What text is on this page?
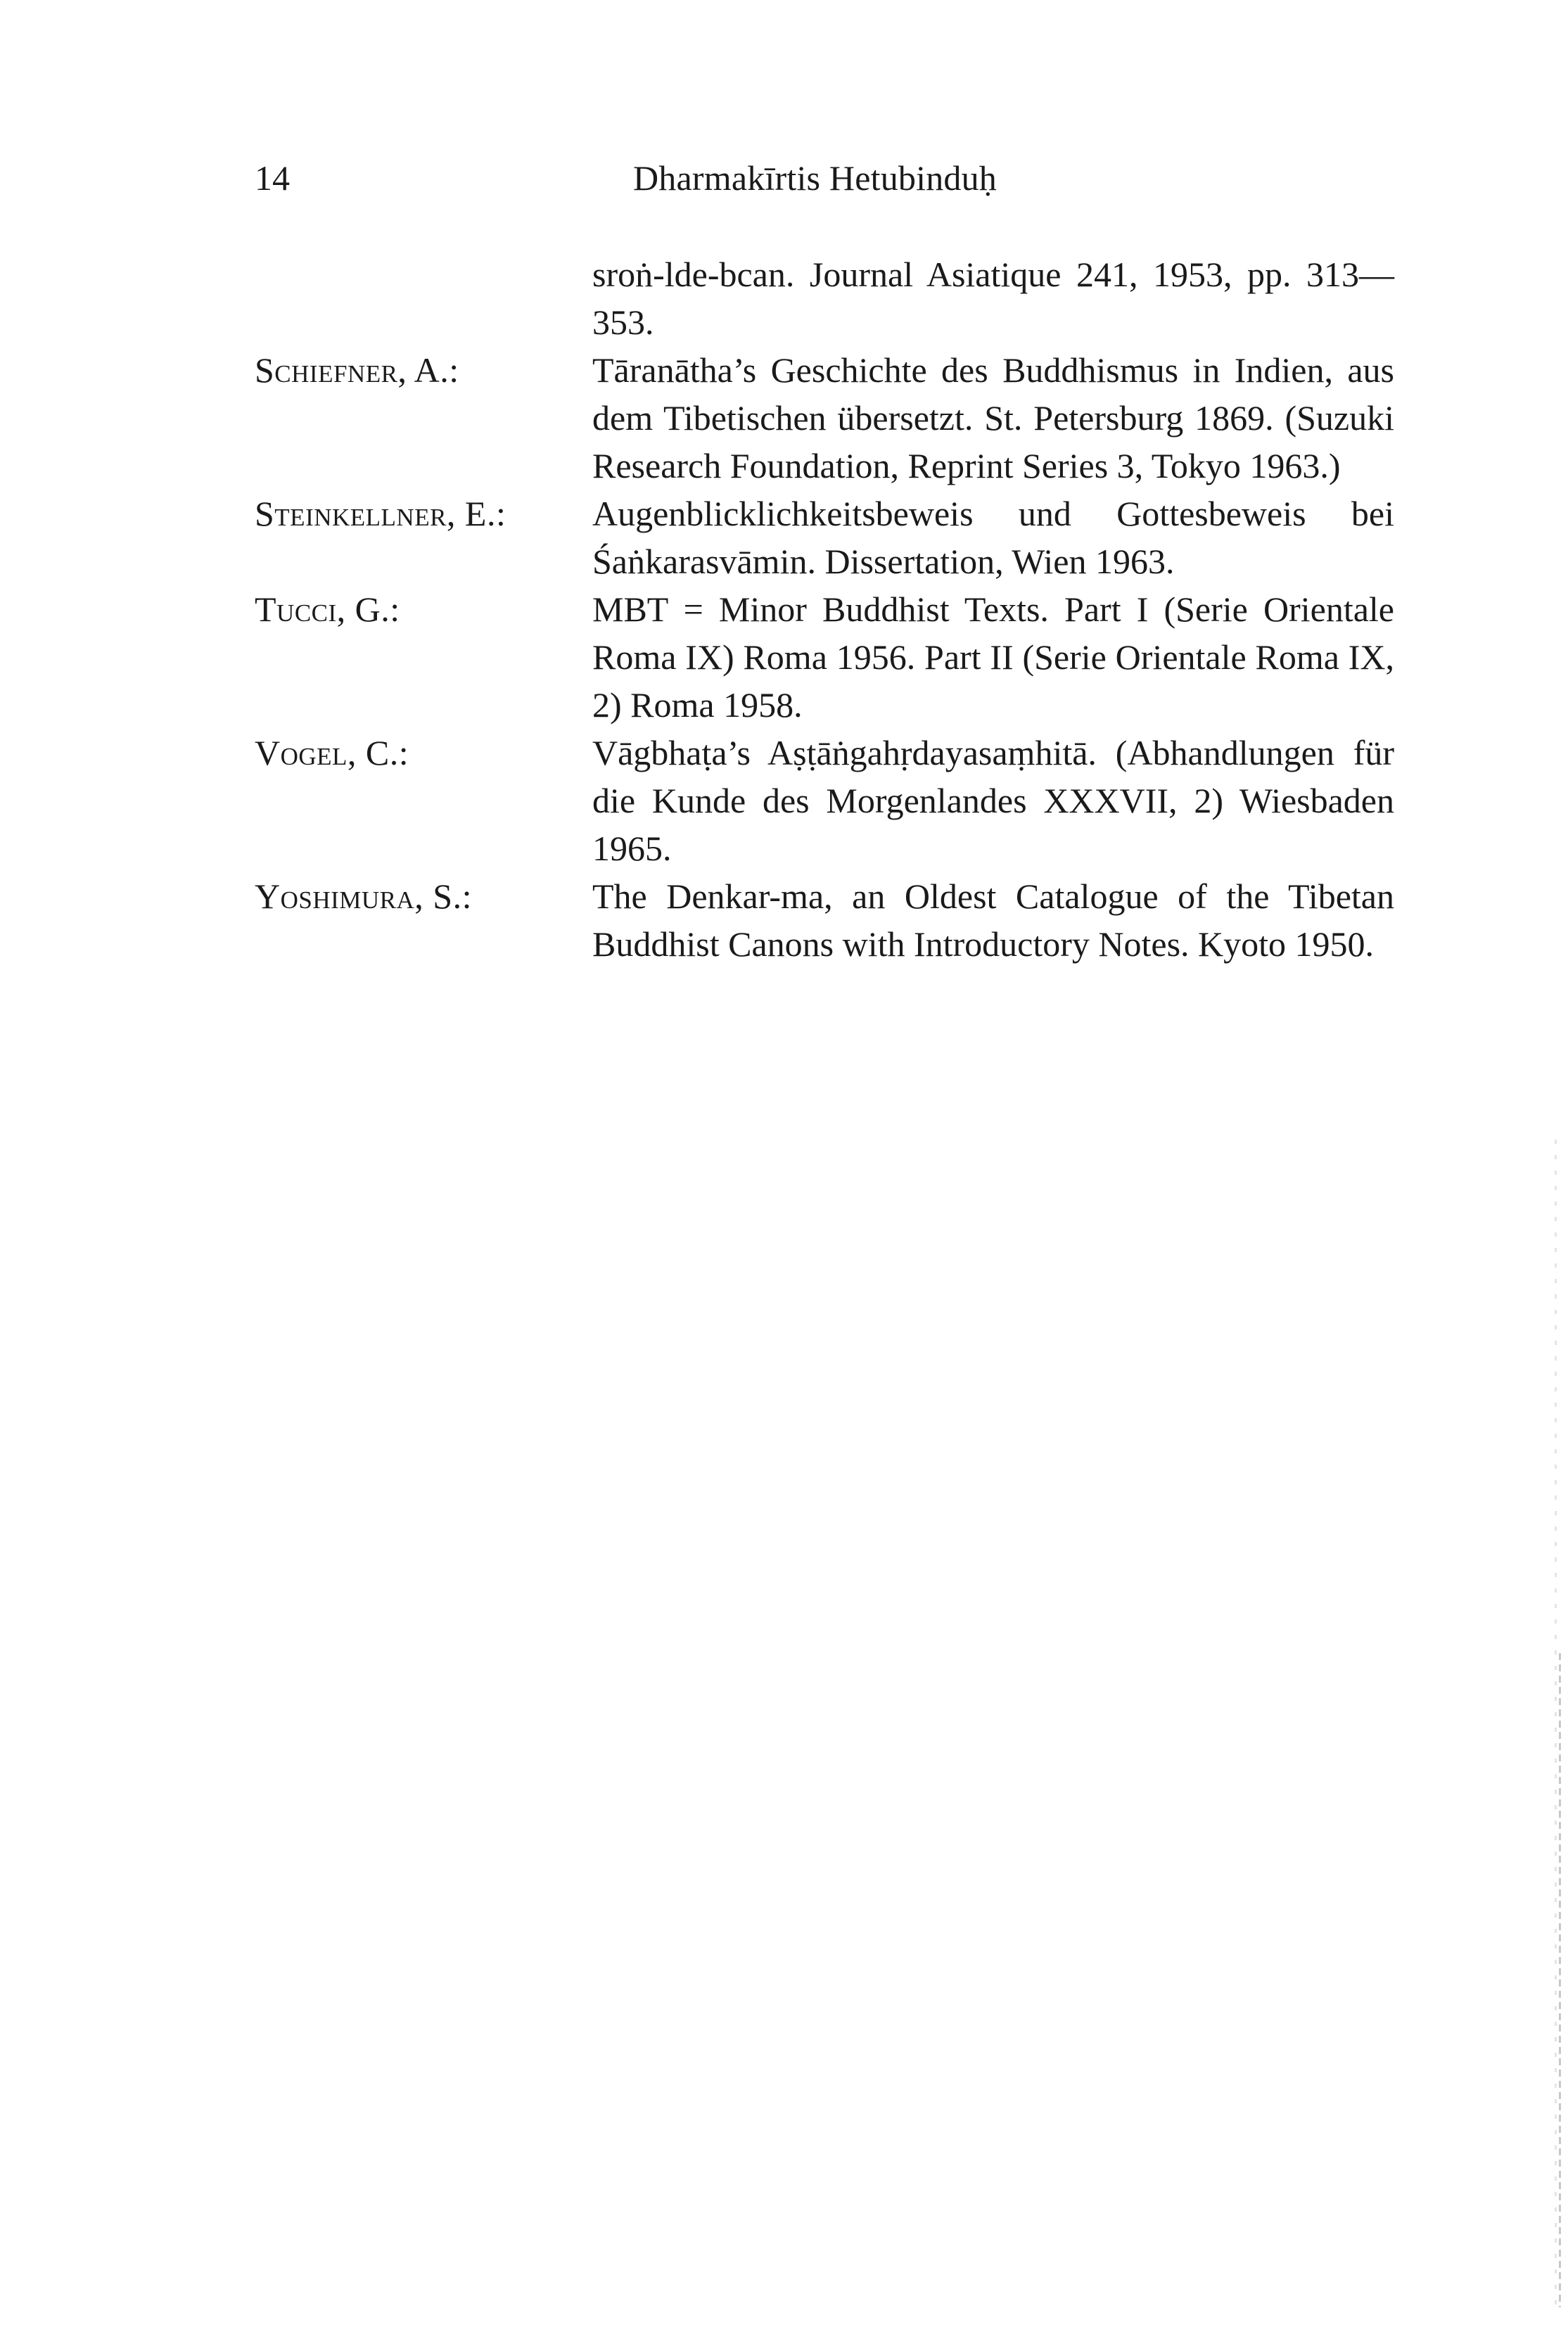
14	Dharmakīrtis Hetubinduḥ
sroṅ-lde-bcan. Journal Asiatique 241, 1953, pp. 313—353.
Schiefner, A.:	Tāranātha’s Geschichte des Buddhismus in Indien, aus dem Tibetischen übersetzt. St. Petersburg 1869. (Suzuki Research Foundation, Reprint Series 3, Tokyo 1963.)
Steinkellner, E.: Augenblicklichkeitsbeweis und Gottesbeweis bei Śaṅkarasvāmin. Dissertation, Wien 1963.
Tucci, G.:	MBT = Minor Buddhist Texts. Part I (Serie Orientale Roma IX) Roma 1956. Part II (Serie Orientale Roma IX, 2) Roma 1958.
Vogel, C.:	Vāgbhaṭa’s Aṣṭāṅgahṛdayasaṃhitā. (Abhandlungen für die Kunde des Morgenlandes XXXVII, 2) Wiesbaden 1965.
Yoshimura, S.:	The Denkar-ma, an Oldest Catalogue of the Tibetan Buddhist Canons with Introductory Notes. Kyoto 1950.
